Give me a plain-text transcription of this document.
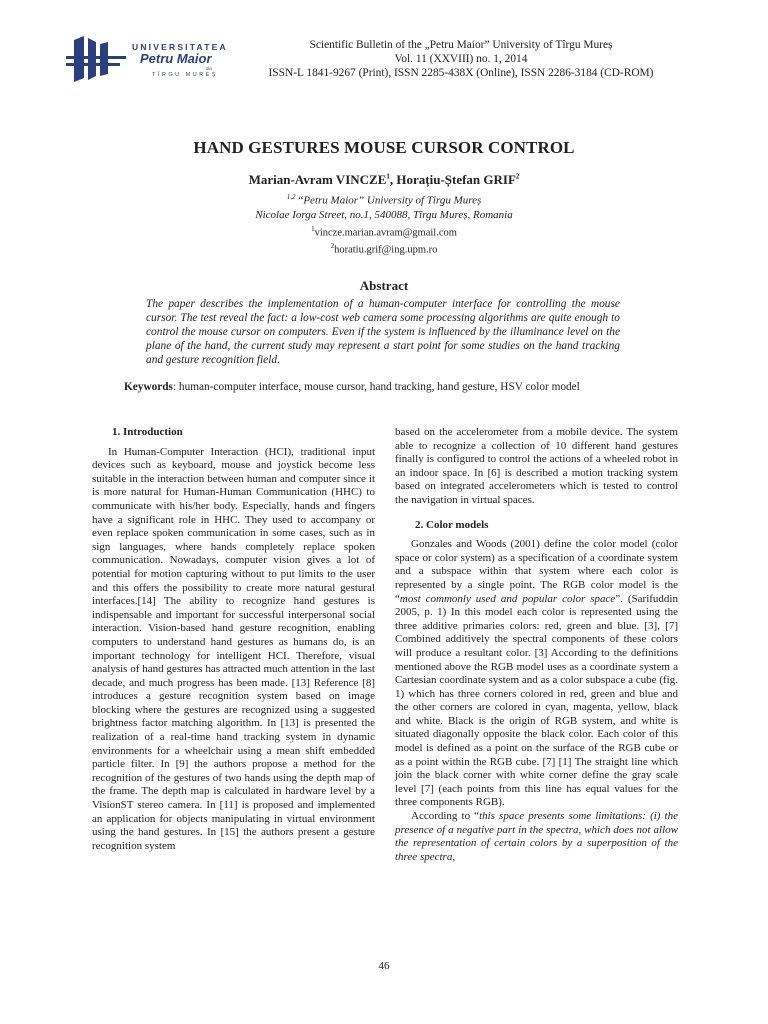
UNIVERSITATEA
Petru Maior
din
TÎRGU MUREȘ
Scientific Bulletin of the „Petru Maior” University of Tîrgu Mureș
Vol. 11 (XXVIII) no. 1, 2014
ISSN-L 1841-9267 (Print), ISSN 2285-438X (Online), ISSN 2286-3184 (CD-ROM)
HAND GESTURES MOUSE CURSOR CONTROL
Marian-Avram VINCZE$^1$, Horațiu-Ștefan GRIF$^2$
$^{1,2}$ “Petru Maior” University of Tîrgu Mureș
Nicolae Iorga Street, no.1, 540088, Tîrgu Mureș, Romania
$^1$vincze.marian.avram@gmail.com
$^2$horatiu.grif@ing.upm.ro
Abstract
The paper describes the implementation of a human-computer interface for controlling the mouse cursor. The test reveal the fact: a low-cost web camera some processing algorithms are quite enough to control the mouse cursor on computers. Even if the system is influenced by the illuminance level on the plane of the hand, the current study may represent a start point for some studies on the hand tracking and gesture recognition field.
Keywords: human-computer interface, mouse cursor, hand tracking, hand gesture, HSV color model
1. Introduction

In Human-Computer Interaction (HCI), traditional input devices such as keyboard, mouse and joystick become less suitable in the interaction between human and computer since it is more natural for Human-Human Communication (HHC) to communicate with his/her body. Especially, hands and fingers have a significant role in HHC. They used to accompany or even replace spoken communication in some cases, such as in sign languages, where hands completely replace spoken communication. Nowadays, computer vision gives a lot of potential for motion capturing without to put limits to the user and this offers the possibility to create more natural gestural interfaces.[14] The ability to recognize hand gestures is indispensable and important for successful interpersonal social interaction. Vision-based hand gesture recognition, enabling computers to understand hand gestures as humans do, is an important technology for intelligent HCI. Therefore, visual analysis of hand gestures has attracted much attention in the last decade, and much progress has been made. [13] Reference [8] introduces a gesture recognition system based on image blocking where the gestures are recognized using a suggested brightness factor matching algorithm. In [13] is presented the realization of a real-time hand tracking system in dynamic environments for a wheelchair using a mean shift embedded particle filter. In [9] the authors propose a method for the recognition of the gestures of two hands using the depth map of the frame. The depth map is calculated in hardware level by a VisionST stereo camera. In [11] is proposed and implemented an application for objects manipulating in virtual environment using the hand gestures. In [15] the authors present a gesture recognition system

based on the accelerometer from a mobile device. The system able to recognize a collection of 10 different hand gestures finally is configured to control the actions of a wheeled robot in an indoor space. In [6] is described a motion tracking system based on integrated accelerometers which is tested to control the navigation in virtual spaces.

2. Color models

Gonzales and Woods (2001) define the color model (color space or color system) as a specification of a coordinate system and a subspace within that system where each color is represented by a single point. The RGB color model is the “most commonly used and popular color space”. (Sarifuddin 2005, p. 1) In this model each color is represented using the three additive primaries colors: red, green and blue. [3], [7] Combined additively the spectral components of these colors will produce a resultant color. [3] According to the definitions mentioned above the RGB model uses as a coordinate system a Cartesian coordinate system and as a color subspace a cube (fig. 1) which has three corners colored in red, green and blue and the other corners are colored in cyan, magenta, yellow, black and white. Black is the origin of RGB system, and white is situated diagonally opposite the black color. Each color of this model is defined as a point on the surface of the RGB cube or as a point within the RGB cube. [7] [1] The straight line which join the black corner with white corner define the gray scale level [7] (each points from this line has equal values for the three components RGB).

According to “this space presents some limitations: (i) the presence of a negative part in the spectra, which does not allow the representation of certain colors by a superposition of the three spectra,

46
